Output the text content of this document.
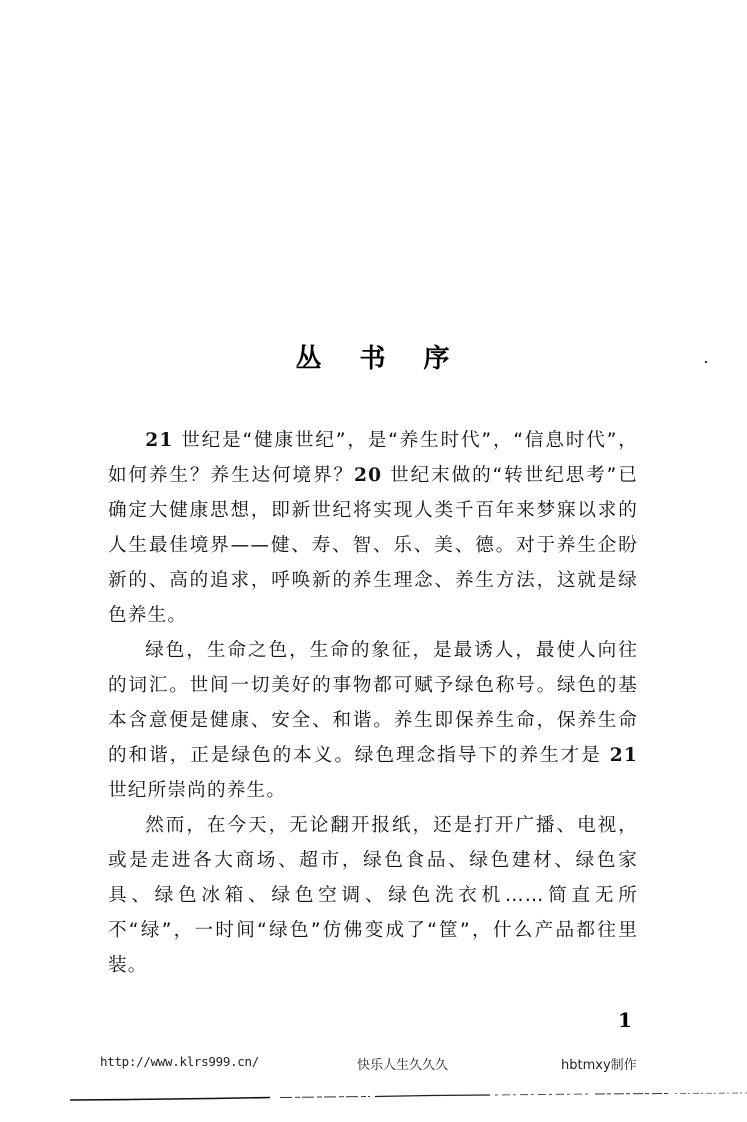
丛 书 序

21 世纪是“健康世纪”，是“养生时代”，“信息时代”，如何养生？养生达何境界？20 世纪末做的“转世纪思考”已确定大健康思想，即新世纪将实现人类千百年来梦寐以求的人生最佳境界——健、寿、智、乐、美、德。对于养生企盼新的、高的追求，呼唤新的养生理念、养生方法，这就是绿色养生。

绿色，生命之色，生命的象征，是最诱人，最使人向往的词汇。世间一切美好的事物都可赋予绿色称号。绿色的基本含意便是健康、安全、和谐。养生即保养生命，保养生命的和谐，正是绿色的本义。绿色理念指导下的养生才是 21 世纪所崇尚的养生。

然而，在今天，无论翻开报纸，还是打开广播、电视，或是走进各大商场、超市，绿色食品、绿色建材、绿色家具、绿色冰箱、绿色空调、绿色洗衣机……简直无所不“绿”，一时间“绿色”仿佛变成了“筐”，什么产品都往里装。

1
http://www.klrs999.cn/	快乐人生久久久	hbtmxy制作
